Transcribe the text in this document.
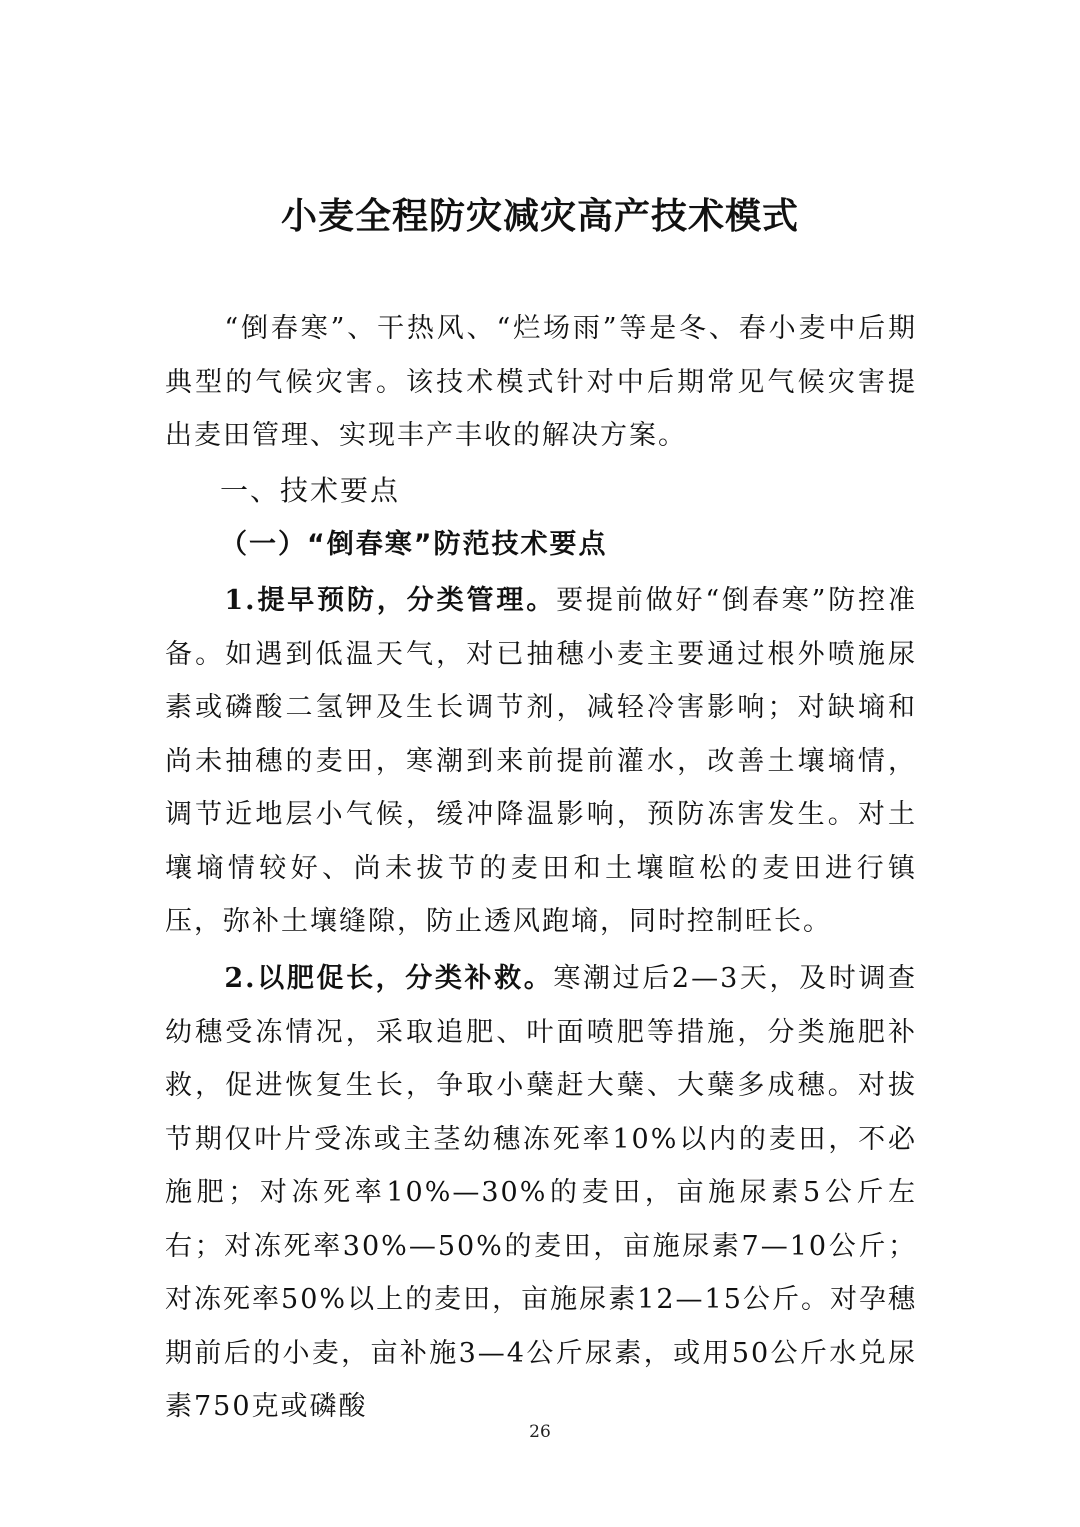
小麦全程防灾减灾高产技术模式

“倒春寒”、干热风、“烂场雨”等是冬、春小麦中后期典型的气候灾害。该技术模式针对中后期常见气候灾害提出麦田管理、实现丰产丰收的解决方案。

一、技术要点
（一）“倒春寒”防范技术要点

1.提早预防，分类管理。要提前做好“倒春寒”防控准备。如遇到低温天气，对已抽穗小麦主要通过根外喷施尿素或磷酸二氢钾及生长调节剂，减轻冷害影响；对缺墒和尚未抽穗的麦田，寒潮到来前提前灌水，改善土壤墒情，调节近地层小气候，缓冲降温影响，预防冻害发生。对土壤墒情较好、尚未拔节的麦田和土壤暄松的麦田进行镇压，弥补土壤缝隙，防止透风跑墒，同时控制旺长。

2.以肥促长，分类补救。寒潮过后2—3天，及时调查幼穗受冻情况，采取追肥、叶面喷肥等措施，分类施肥补救，促进恢复生长，争取小蘖赶大蘖、大蘖多成穗。对拔节期仅叶片受冻或主茎幼穗冻死率10%以内的麦田，不必施肥；对冻死率10%—30%的麦田，亩施尿素5公斤左右；对冻死率30%—50%的麦田，亩施尿素7—10公斤；对冻死率50%以上的麦田，亩施尿素12—15公斤。对孕穗期前后的小麦，亩补施3—4公斤尿素，或用50公斤水兑尿素750克或磷酸

26
